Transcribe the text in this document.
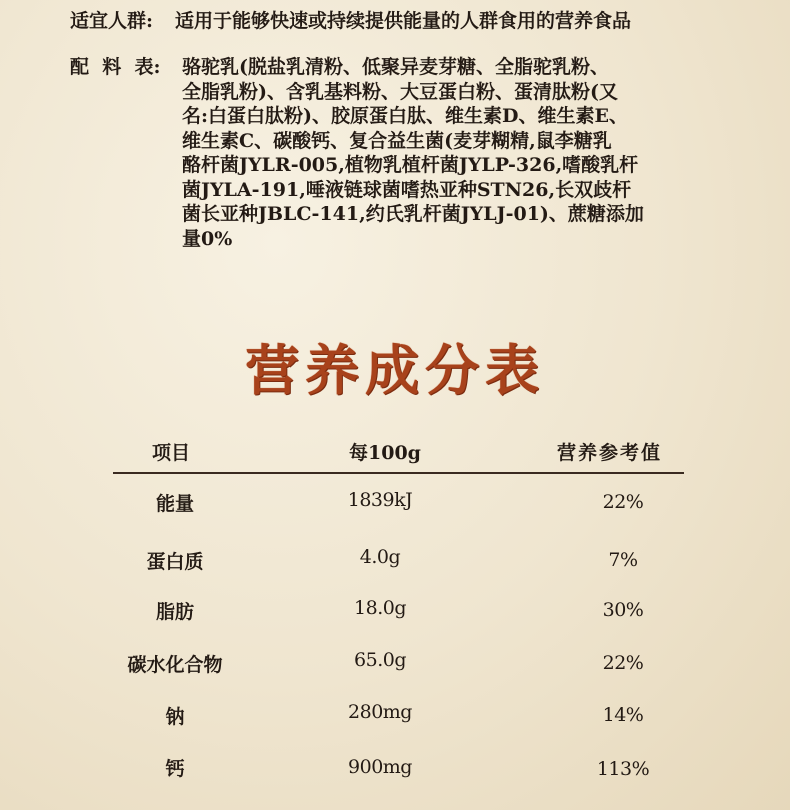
适宜人群: 适用于能够快速或持续提供能量的人群食用的营养食品
配  料  表: 骆驼乳(脱盐乳清粉、低聚异麦芽糖、全脂驼乳粉、
全脂乳粉)、含乳基料粉、大豆蛋白粉、蛋清肽粉(又
名:白蛋白肽粉)、胶原蛋白肽、维生素D、维生素E、
维生素C、碳酸钙、复合益生菌(麦芽糊精,鼠李糖乳
酪杆菌JYLR-005,植物乳植杆菌JYLP-326,嗜酸乳杆
菌JYLA-191,唾液链球菌嗜热亚种STN26,长双歧杆
菌长亚种JBLC-141,约氏乳杆菌JYLJ-01)、蔗糖添加
量0%
营养成分表
项目	每100g	营养参考值
能量	1839kJ	22%
蛋白质	4.0g	7%
脂肪	18.0g	30%
碳水化合物	65.0g	22%
钠	280mg	14%
钙	900mg	113%
